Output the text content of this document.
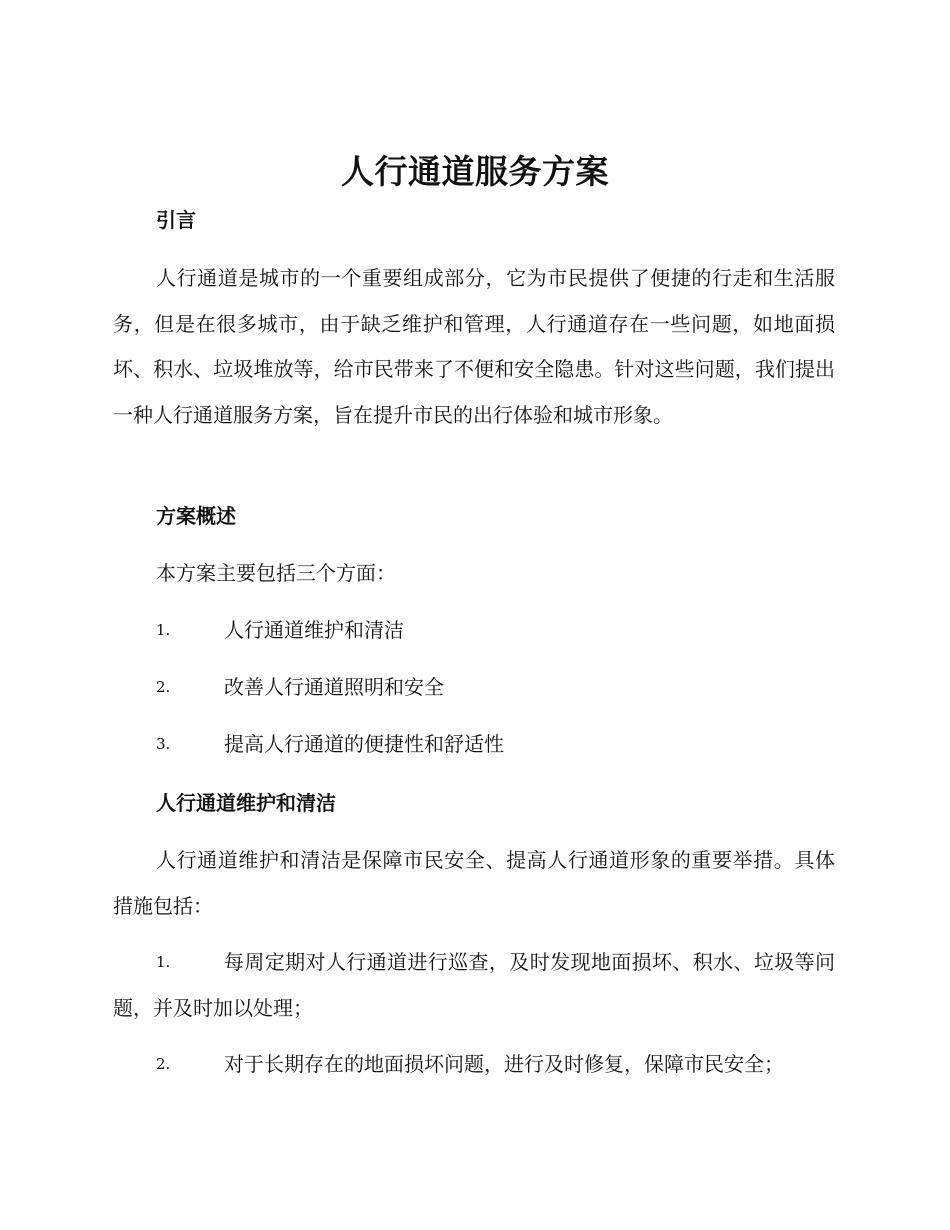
人行通道服务方案
引言

人行通道是城市的一个重要组成部分，它为市民提供了便捷的行走和生活服务，但是在很多城市，由于缺乏维护和管理，人行通道存在一些问题，如地面损坏、积水、垃圾堆放等，给市民带来了不便和安全隐患。针对这些问题，我们提出一种人行通道服务方案，旨在提升市民的出行体验和城市形象。

方案概述

本方案主要包括三个方面：

1.	人行通道维护和清洁
2.	改善人行通道照明和安全
3.	提高人行通道的便捷性和舒适性
人行通道维护和清洁

人行通道维护和清洁是保障市民安全、提高人行通道形象的重要举措。具体措施包括：

1.	每周定期对人行通道进行巡查，及时发现地面损坏、积水、垃圾等问题，并及时加以处理；
2.	对于长期存在的地面损坏问题，进行及时修复，保障市民安全；
